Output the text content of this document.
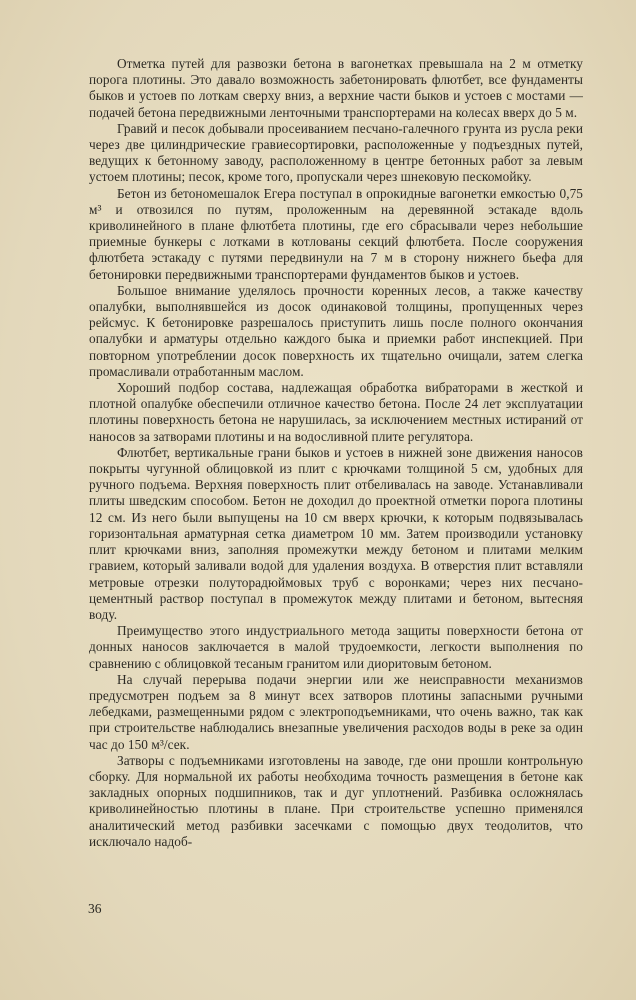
Отметка путей для развозки бетона в вагонетках превышала на 2 м отметку порога плотины. Это давало возможность забетонировать флютбет, все фундаменты быков и устоев по лоткам сверху вниз, а верхние части быков и устоев с мостами — подачей бетона передвижными ленточными транспортерами на колесах вверх до 5 м.

Гравий и песок добывали просеиванием песчано-галечного грунта из русла реки через две цилиндрические гравиесортировки, расположенные у подъездных путей, ведущих к бетонному заводу, расположенному в центре бетонных работ за левым устоем плотины; песок, кроме того, пропускали через шнековую пескомойку.

Бетон из бетономешалок Егера поступал в опрокидные вагонетки емкостью 0,75 м³ и отвозился по путям, проложенным на деревянной эстакаде вдоль криволинейного в плане флютбета плотины, где его сбрасывали через небольшие приемные бункеры с лотками в котлованы секций флютбета. После сооружения флютбета эстакаду с путями передвинули на 7 м в сторону нижнего бьефа для бетонировки передвижными транспортерами фундаментов быков и устоев.

Большое внимание уделялось прочности коренных лесов, а также качеству опалубки, выполнявшейся из досок одинаковой толщины, пропущенных через рейсмус. К бетонировке разрешалось приступить лишь после полного окончания опалубки и арматуры отдельно каждого быка и приемки работ инспекцией. При повторном употреблении досок поверхность их тщательно очищали, затем слегка промасливали отработанным маслом.

Хороший подбор состава, надлежащая обработка вибраторами в жесткой и плотной опалубке обеспечили отличное качество бетона. После 24 лет эксплуатации плотины поверхность бетона не нарушилась, за исключением местных истираний от наносов за затворами плотины и на водосливной плите регулятора.

Флютбет, вертикальные грани быков и устоев в нижней зоне движения наносов покрыты чугунной облицовкой из плит с крючками толщиной 5 см, удобных для ручного подъема. Верхняя поверхность плит отбеливалась на заводе. Устанавливали плиты шведским способом. Бетон не доходил до проектной отметки порога плотины 12 см. Из него были выпущены на 10 см вверх крючки, к которым подвязывалась горизонтальная арматурная сетка диаметром 10 мм. Затем производили установку плит крючками вниз, заполняя промежутки между бетоном и плитами мелким гравием, который заливали водой для удаления воздуха. В отверстия плит вставляли метровые отрезки полуторадюймовых труб с воронками; через них песчано-цементный раствор поступал в промежуток между плитами и бетоном, вытесняя воду.

Преимущество этого индустриального метода защиты поверхности бетона от донных наносов заключается в малой трудоемкости, легкости выполнения по сравнению с облицовкой тесаным гранитом или диоритовым бетоном.

На случай перерыва подачи энергии или же неисправности механизмов предусмотрен подъем за 8 минут всех затворов плотины запасными ручными лебедками, размещенными рядом с электроподъемниками, что очень важно, так как при строительстве наблюдались внезапные увеличения расходов воды в реке за один час до 150 м³/сек.

Затворы с подъемниками изготовлены на заводе, где они прошли контрольную сборку. Для нормальной их работы необходима точность размещения в бетоне как закладных опорных подшипников, так и дуг уплотнений. Разбивка осложнялась криволинейностью плотины в плане. При строительстве успешно применялся аналитический метод разбивки засечками с помощью двух теодолитов, что исключало надоб-

36
